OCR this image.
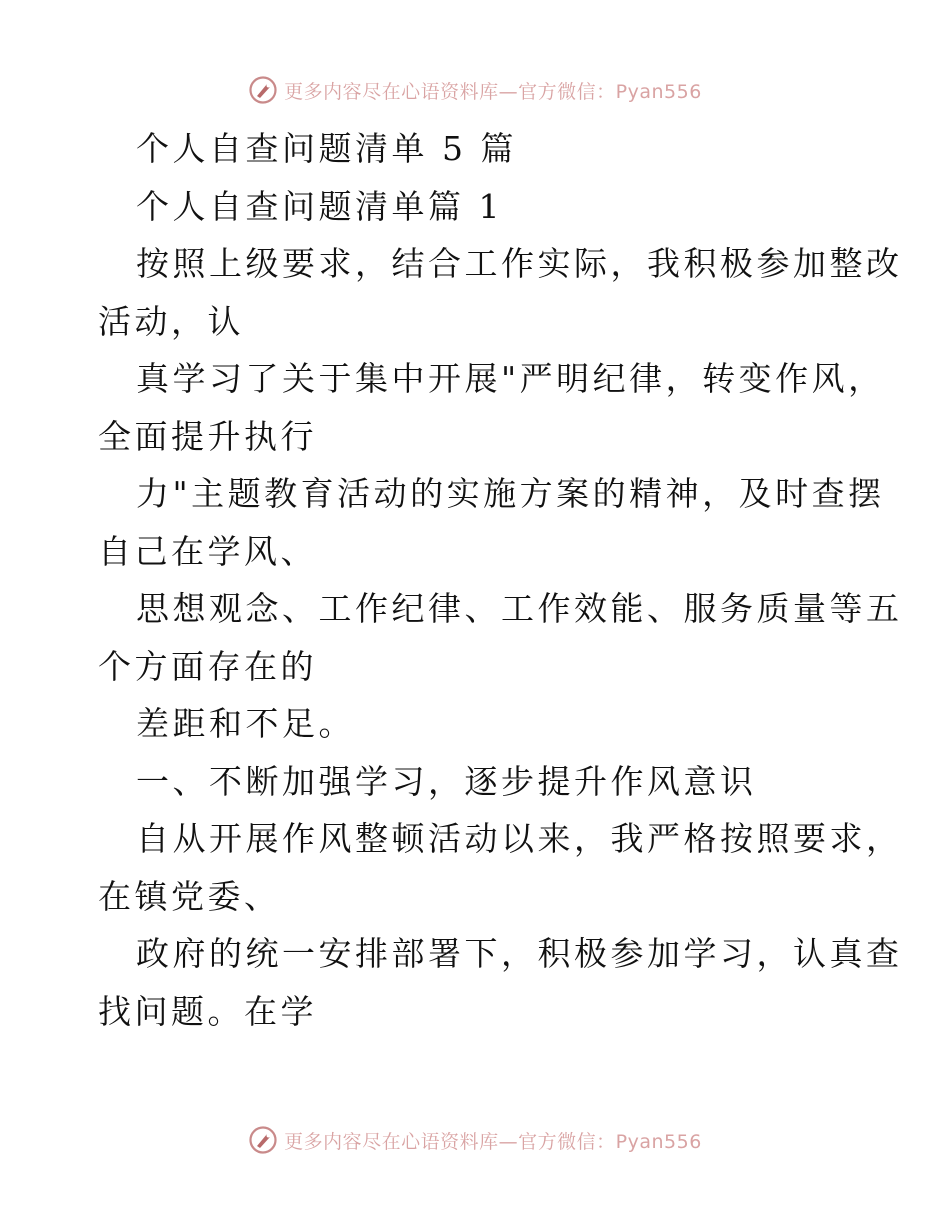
更多内容尽在心语资料库—官方微信：Pyan556
个人自查问题清单 5 篇
个人自查问题清单篇 1
按照上级要求，结合工作实际，我积极参加整改
活动，认
真学习了关于集中开展"严明纪律，转变作风，
全面提升执行
力"主题教育活动的实施方案的精神，及时查摆
自己在学风、
思想观念、工作纪律、工作效能、服务质量等五
个方面存在的
差距和不足。
一、不断加强学习，逐步提升作风意识
自从开展作风整顿活动以来，我严格按照要求，
在镇党委、
政府的统一安排部署下，积极参加学习，认真查
找问题。在学
更多内容尽在心语资料库—官方微信：Pyan556
